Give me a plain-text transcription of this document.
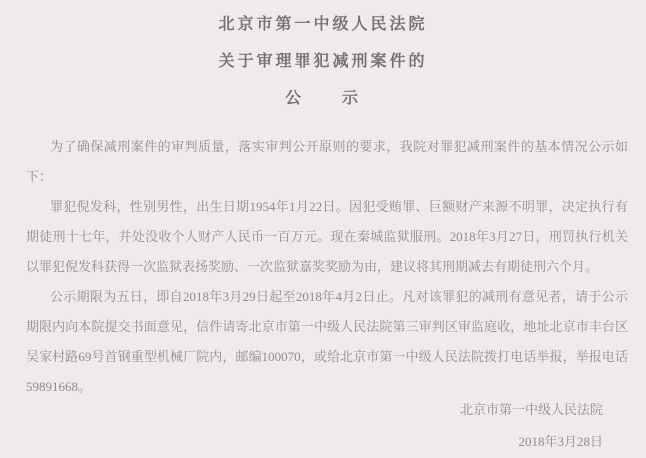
北京市第一中级人民法院
关于审理罪犯减刑案件的
公　　示

为了确保减刑案件的审判质量，落实审判公开原则的要求，我院对罪犯减刑案件的基本情况公示如下：

罪犯倪发科，性别男性，出生日期1954年1月22日。因犯受贿罪、巨额财产来源不明罪，决定执行有期徒刑十七年，并处没收个人财产人民币一百万元。现在秦城监狱服刑。2018年3月27日，刑罚执行机关以罪犯倪发科获得一次监狱表扬奖励、一次监狱嘉奖奖励为由，建议将其刑期减去有期徒刑六个月。

公示期限为五日，即自2018年3月29日起至2018年4月2日止。凡对该罪犯的减刑有意见者，请于公示期限内向本院提交书面意见，信件请寄北京市第一中级人民法院第三审判区审监庭收，地址北京市丰台区吴家村路69号首钢重型机械厂院内，邮编100070，或给北京市第一中级人民法院拨打电话举报，举报电话59891668。

北京市第一中级人民法院
2018年3月28日
